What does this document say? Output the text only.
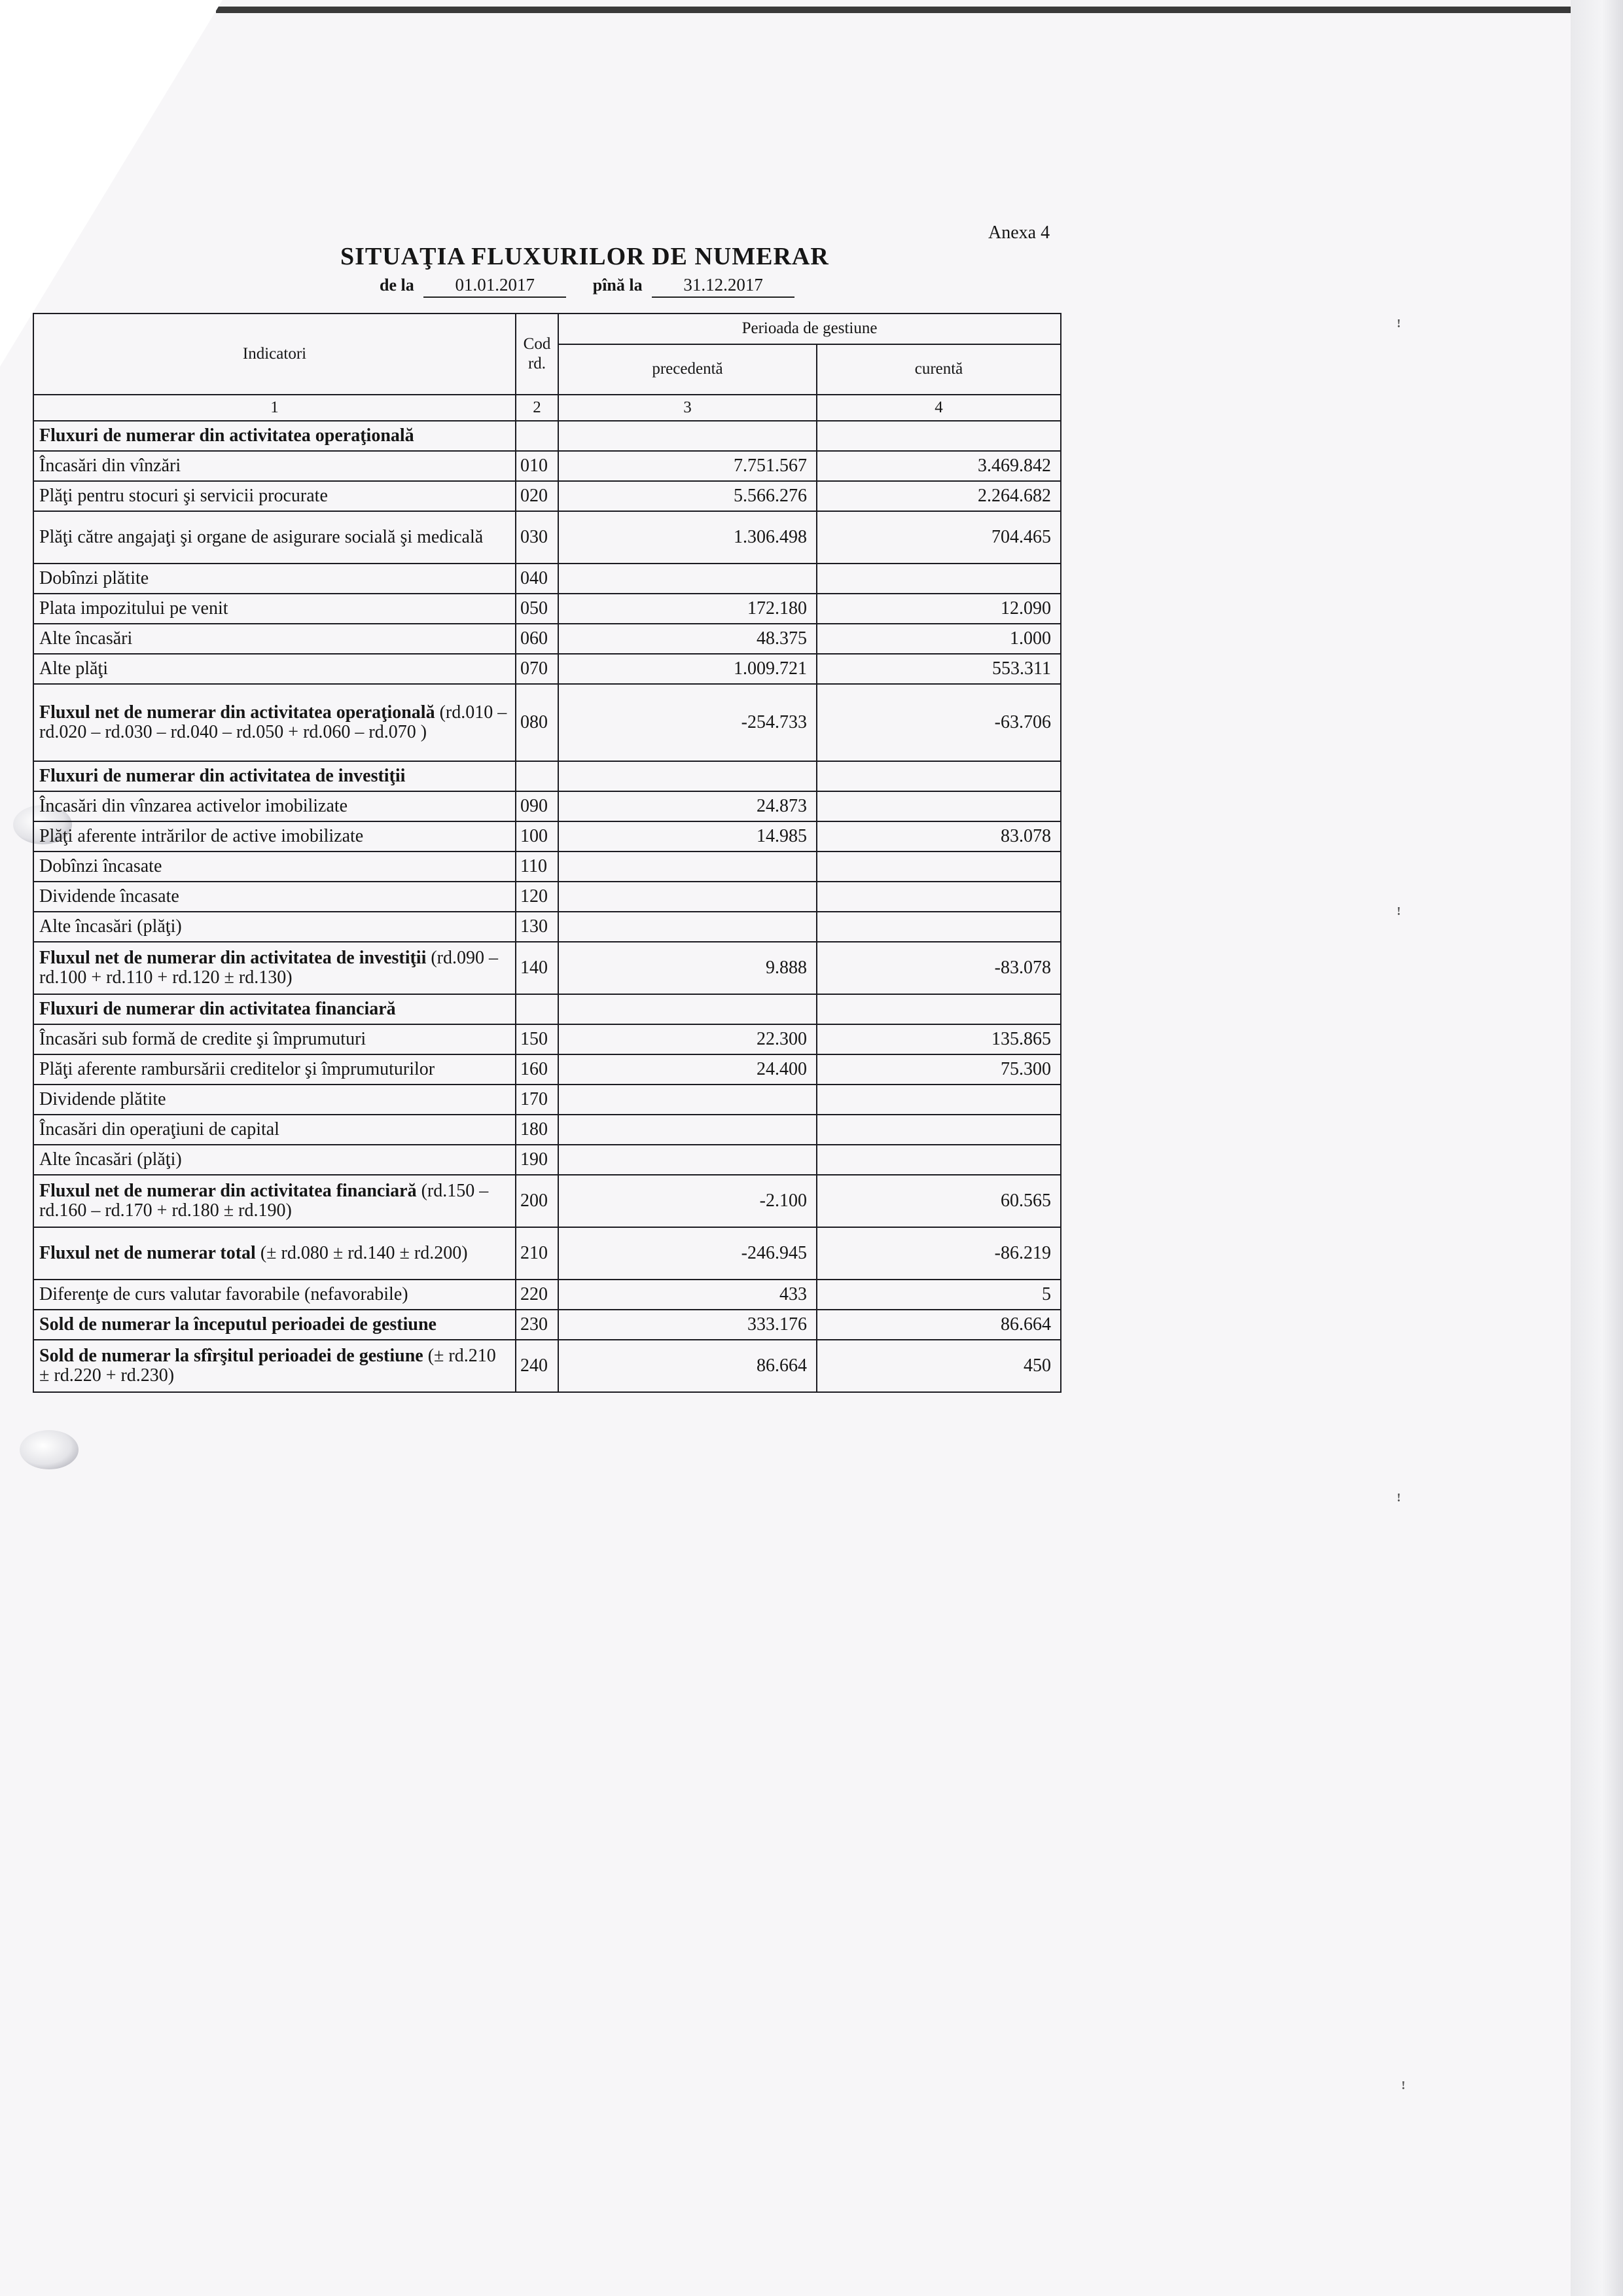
ꜝ
ꜝ
ꜝ
ꜝ
Anexa 4
SITUAŢIA FLUXURILOR DE NUMERAR
de la 01.01.2017	pînă la 31.12.2017
Indicatori	Cod rd.	Perioada de gestiune	
		precedentă	curentă
1	2	3	4
Fluxuri de numerar din activitatea operaţională			
Încasări din vînzări	010	7.751.567	3.469.842
Plăţi pentru stocuri şi servicii procurate	020	5.566.276	2.264.682
Plăţi către angajaţi şi organe de asigurare socială şi medicală	030	1.306.498	704.465
Dobînzi plătite	040		
Plata impozitului pe venit	050	172.180	12.090
Alte încasări	060	48.375	1.000
Alte plăţi	070	1.009.721	553.311
Fluxul net de numerar din activitatea operaţională (rd.010 – rd.020 – rd.030 – rd.040 – rd.050 + rd.060 – rd.070 )	080	-254.733	-63.706
Fluxuri de numerar din activitatea de investiţii			
Încasări din vînzarea activelor imobilizate	090	24.873	
Plăţi aferente intrărilor de active imobilizate	100	14.985	83.078
Dobînzi încasate	110		
Dividende încasate	120		
Alte încasări (plăţi)	130		
Fluxul net de numerar din activitatea de investiţii (rd.090 – rd.100 + rd.110 + rd.120 ± rd.130)	140	9.888	-83.078
Fluxuri de numerar din activitatea financiară			
Încasări sub formă de credite şi împrumuturi	150	22.300	135.865
Plăţi aferente rambursării creditelor şi împrumuturilor	160	24.400	75.300
Dividende plătite	170		
Încasări din operaţiuni de capital	180		
Alte încasări (plăţi)	190		
Fluxul net de numerar din activitatea financiară (rd.150 – rd.160 – rd.170 + rd.180 ± rd.190)	200	-2.100	60.565
Fluxul net de numerar total (± rd.080 ± rd.140 ± rd.200)	210	-246.945	-86.219
Diferenţe de curs valutar favorabile (nefavorabile)	220	433	5
Sold de numerar la începutul perioadei de gestiune	230	333.176	86.664
Sold de numerar la sfîrşitul perioadei de gestiune (± rd.210 ± rd.220 + rd.230)	240	86.664	450
